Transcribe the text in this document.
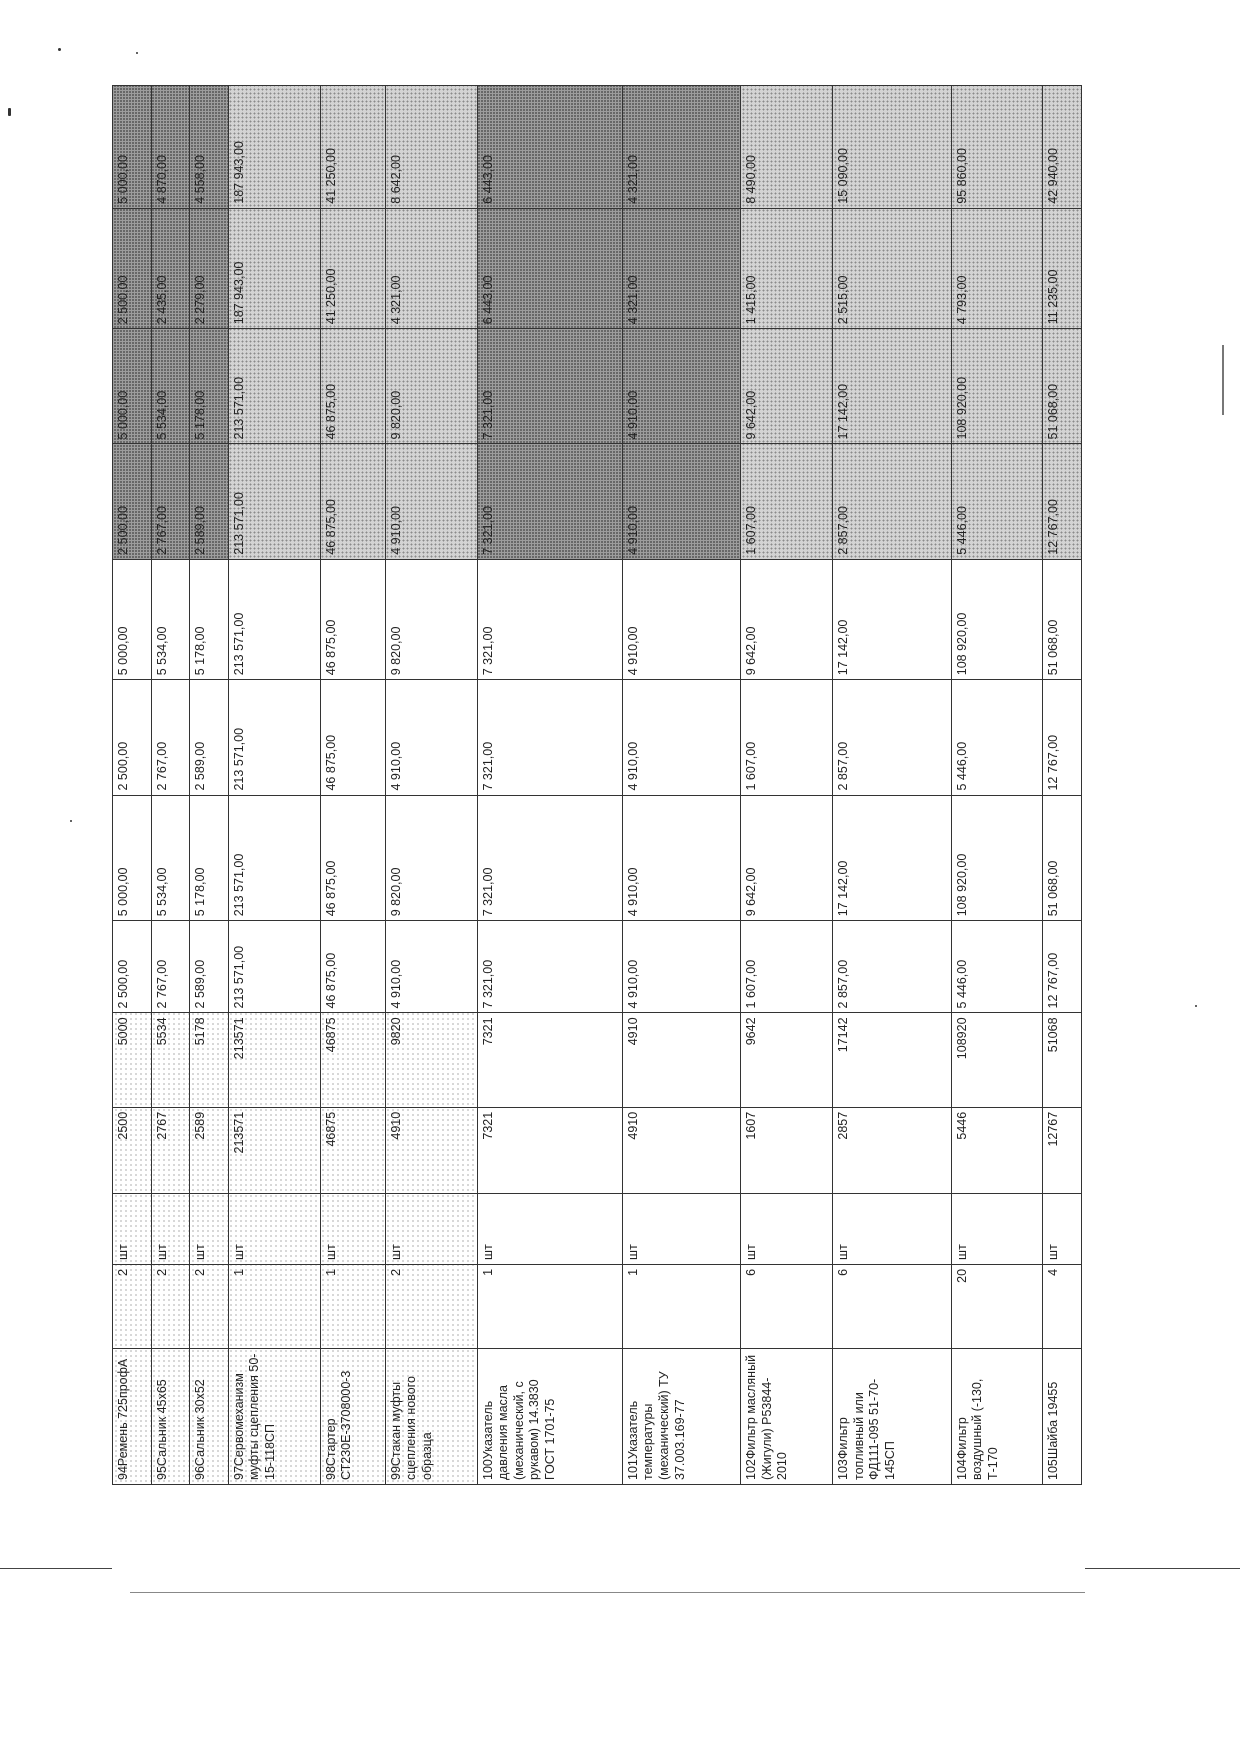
94Ремень 725профА	2	шт	2500	5000	2 500,00	5 000,00	2 500,00	5 000,00	2 500,00	5 000,00	2 500,00	5 000,00
95Сальник 45х65	2	шт	2767	5534	2 767,00	5 534,00	2 767,00	5 534,00	2 767,00	5 534,00	2 435,00	4 870,00
96Сальник 30х52	2	шт	2589	5178	2 589,00	5 178,00	2 589,00	5 178,00	2 589,00	5 178,00	2 279,00	4 558,00
97Сервомеханизм муфты сцепления 50-15-118СП	1	шт	213571	213571	213 571,00	213 571,00	213 571,00	213 571,00	213 571,00	213 571,00	187 943,00	187 943,00
98Стартер СТ230Е-3708000-3	1	шт	46875	46875	46 875,00	46 875,00	46 875,00	46 875,00	46 875,00	46 875,00	41 250,00	41 250,00
99Стакан муфты сцепления нового образца	2	шт	4910	9820	4 910,00	9 820,00	4 910,00	9 820,00	4 910,00	9 820,00	4 321,00	8 642,00
100Указатель давления масла (механический, с рукавом) 14.3830 ГОСТ 1701-75	1	шт	7321	7321	7 321,00	7 321,00	7 321,00	7 321,00	7 321,00	7 321,00	6 443,00	6 443,00
101Указатель температуры (механический) ТУ 37.003.169-77	1	шт	4910	4910	4 910,00	4 910,00	4 910,00	4 910,00	4 910,00	4 910,00	4 321,00	4 321,00
102Фильтр масляный (Жигули) Р53844-2010	6	шт	1607	9642	1 607,00	9 642,00	1 607,00	9 642,00	1 607,00	9 642,00	1 415,00	8 490,00
103Фильтр топливный или ФД111-095 51-70-145СП	6	шт	2857	17142	2 857,00	17 142,00	2 857,00	17 142,00	2 857,00	17 142,00	2 515,00	15 090,00
104Фильтр воздушный (-130, Т-170	20	шт	5446	108920	5 446,00	108 920,00	5 446,00	108 920,00	5 446,00	108 920,00	4 793,00	95 860,00
105Шайба 19455	4	шт	12767	51068	12 767,00	51 068,00	12 767,00	51 068,00	12 767,00	51 068,00	11 235,00	42 940,00
